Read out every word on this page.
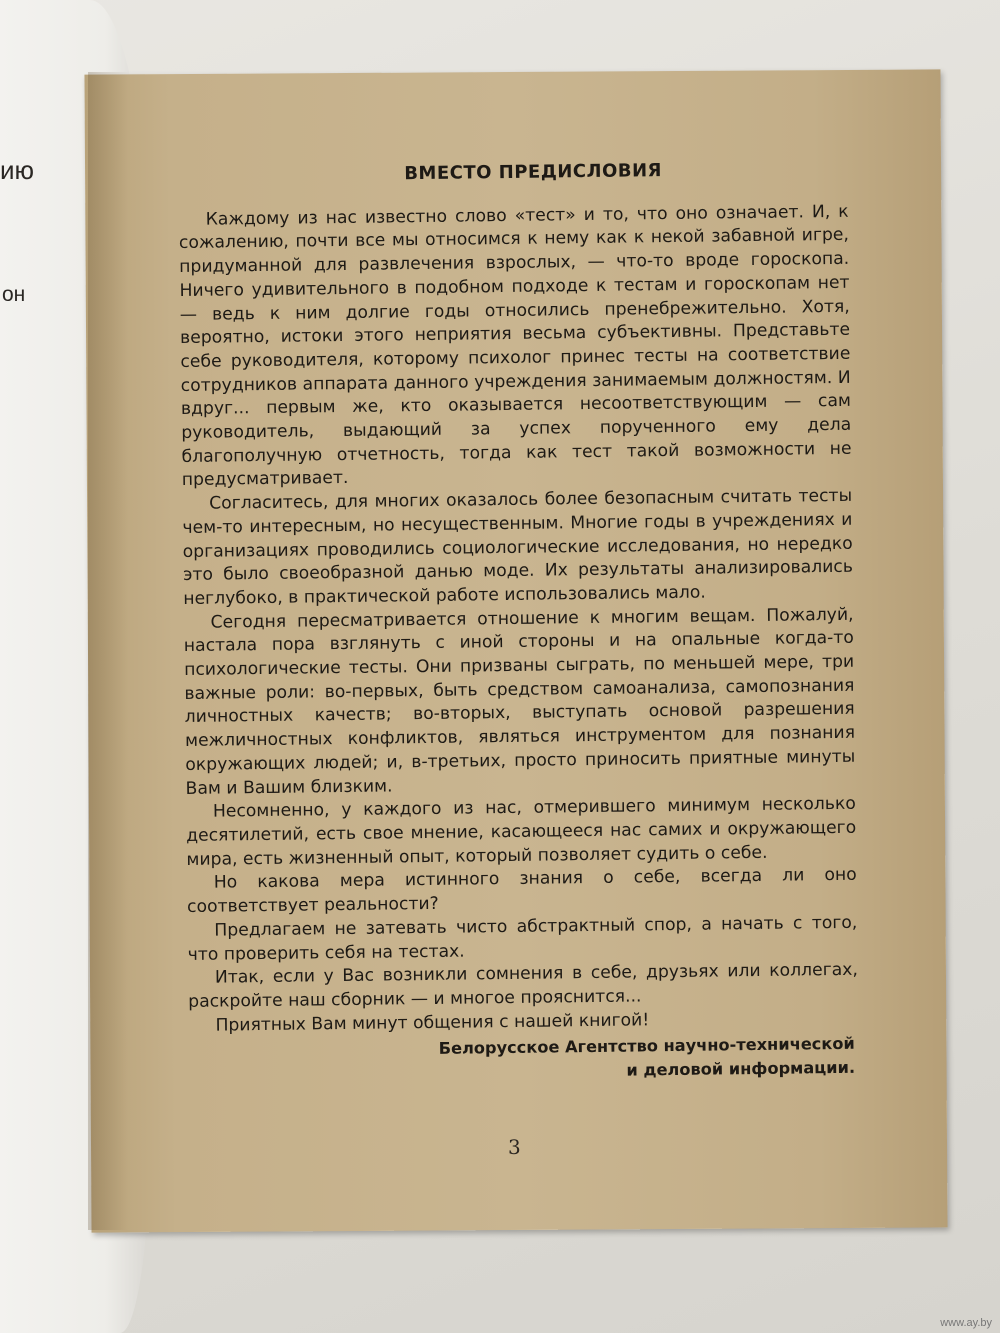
ию
он
ВМЕСТО ПРЕДИСЛОВИЯ

Каждому из нас известно слово «тест» и то, что оно означает. И, к сожалению, почти все мы относимся к нему как к некой забавной игре, придуманной для развлечения взрослых, — что-то вроде гороскопа. Ничего удивительного в подобном подходе к тестам и гороскопам нет — ведь к ним долгие годы относились пренебрежительно. Хотя, вероятно, истоки этого неприятия весьма субъективны. Представьте себе руководителя, которому психолог принес тесты на соответствие сотрудников аппарата данного учреждения занимаемым должностям. И вдруг... первым же, кто оказывается несоответствующим — сам руководитель, выдающий за успех порученного ему дела благополучную отчетность, тогда как тест такой возможности не предусматривает.

Согласитесь, для многих оказалось более безопасным считать тесты чем-то интересным, но несущественным. Многие годы в учреждениях и организациях проводились социологические исследования, но нередко это было своеобразной данью моде. Их результаты анализировались неглубоко, в практической работе использовались мало.

Сегодня пересматривается отношение к многим вещам. Пожалуй, настала пора взглянуть с иной стороны и на опальные когда-то психологические тесты. Они призваны сыграть, по меньшей мере, три важные роли: во-первых, быть средством самоанализа, самопознания личностных качеств; во-вторых, выступать основой разрешения межличностных конфликтов, являться инструментом для познания окружающих людей; и, в-третьих, просто приносить приятные минуты Вам и Вашим близким.

Несомненно, у каждого из нас, отмерившего минимум несколько десятилетий, есть свое мнение, касающееся нас самих и окружающего мира, есть жизненный опыт, который позволяет судить о себе.

Но какова мера истинного знания о себе, всегда ли оно соответствует реальности?

Предлагаем не затевать чисто абстрактный спор, а начать с того, что проверить себя на тестах.

Итак, если у Вас возникли сомнения в себе, друзьях или коллегах, раскройте наш сборник — и многое прояснится...

Приятных Вам минут общения с нашей книгой!

Белорусское Агентство научно-технической
и деловой информации.
3
www.ay.by
